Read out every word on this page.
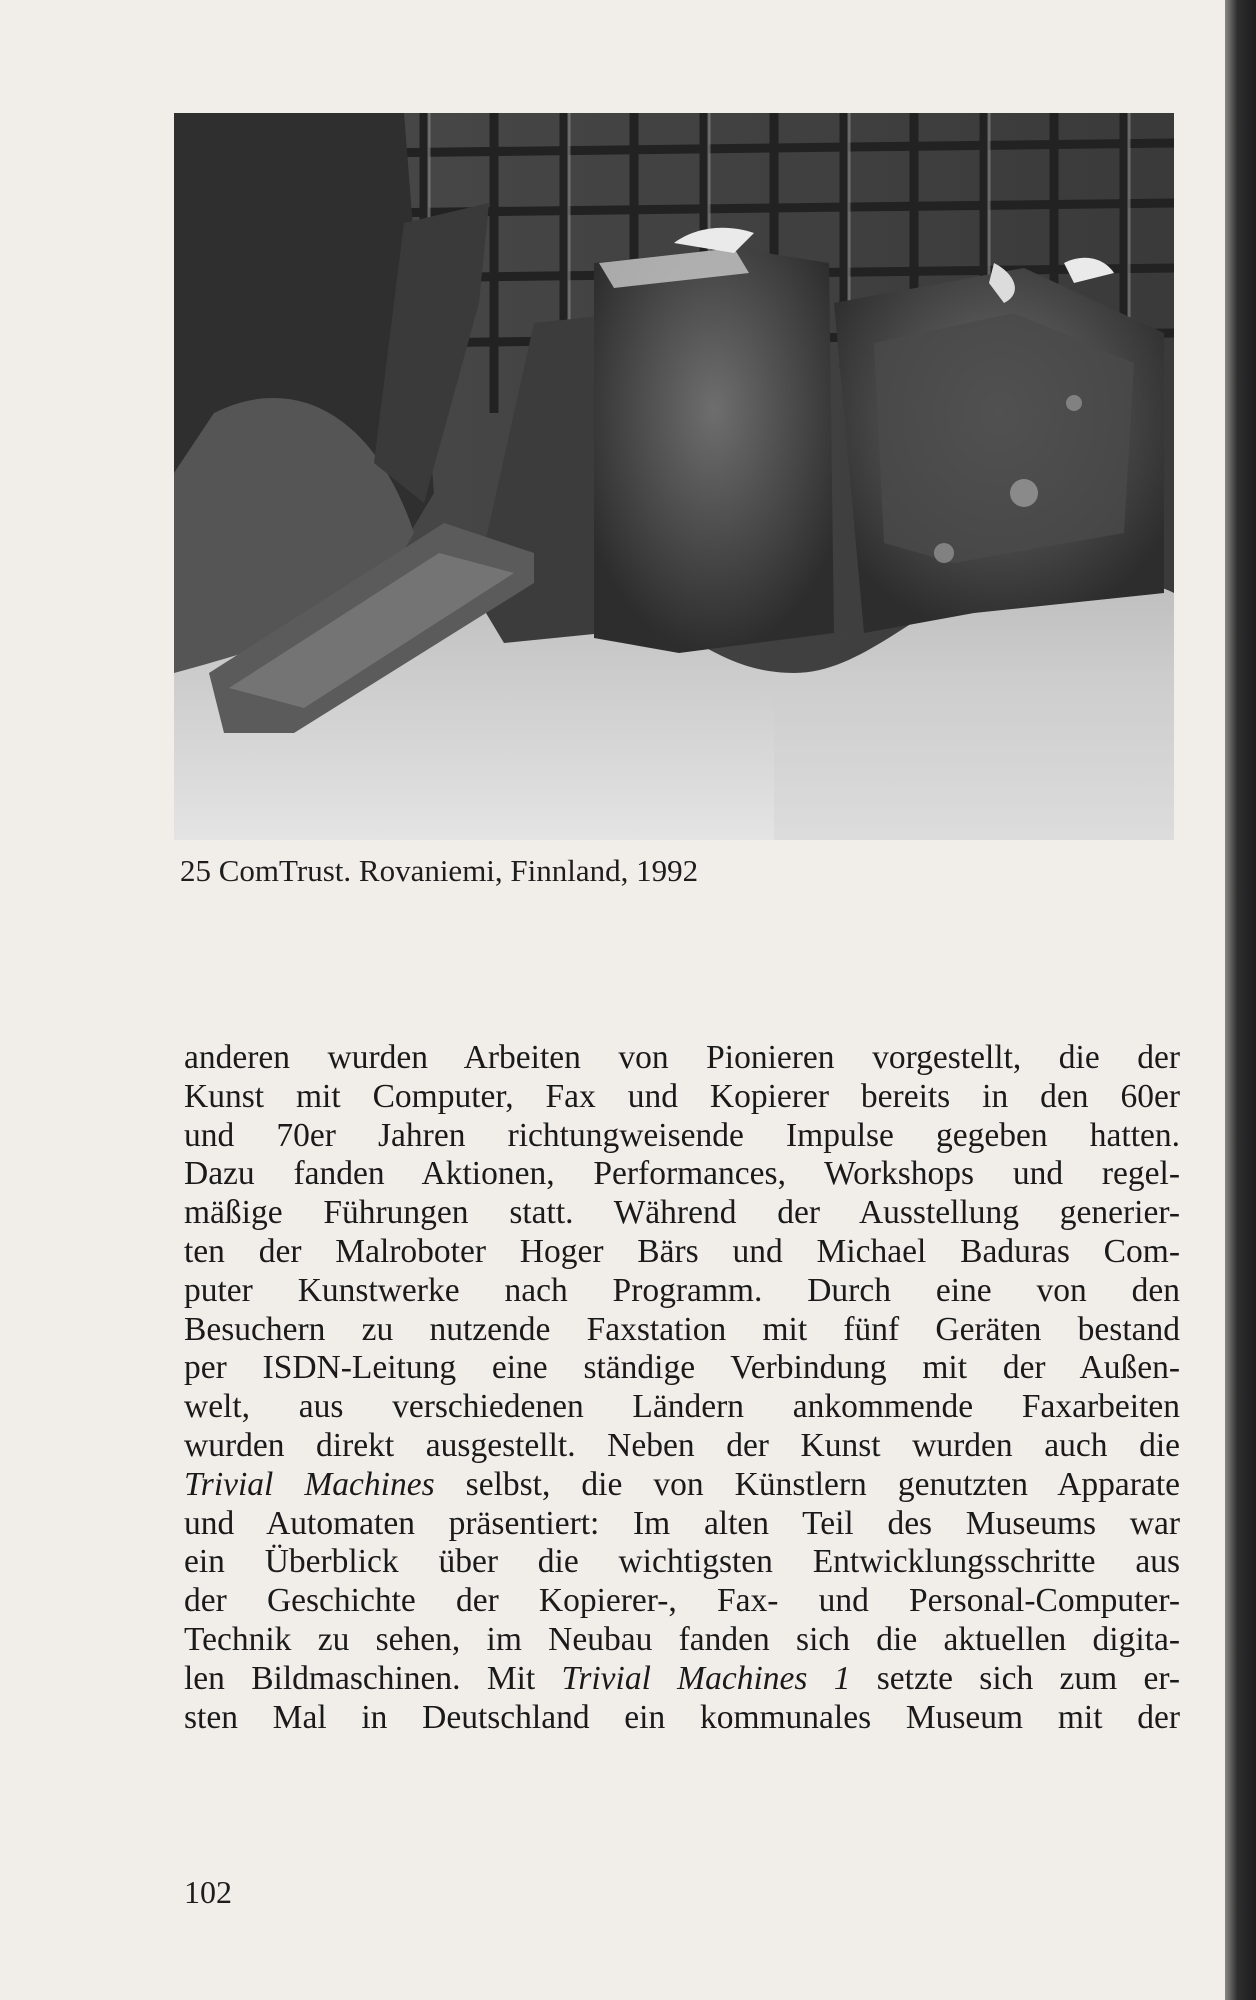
25 ComTrust. Rovaniemi, Finnland, 1992
anderen wurden Arbeiten von Pionieren vorgestellt, die der
Kunst mit Computer, Fax und Kopierer bereits in den 60er
und 70er Jahren richtungweisende Impulse gegeben hatten.
Dazu fanden Aktionen, Performances, Workshops und regel-
mäßige Führungen statt. Während der Ausstellung generier-
ten der Malroboter Hoger Bärs und Michael Baduras Com-
puter Kunstwerke nach Programm. Durch eine von den
Besuchern zu nutzende Faxstation mit fünf Geräten bestand
per ISDN-Leitung eine ständige Verbindung mit der Außen-
welt, aus verschiedenen Ländern ankommende Faxarbeiten
wurden direkt ausgestellt. Neben der Kunst wurden auch die
Trivial Machines selbst, die von Künstlern genutzten Apparate
und Automaten präsentiert: Im alten Teil des Museums war
ein Überblick über die wichtigsten Entwicklungsschritte aus
der Geschichte der Kopierer-, Fax- und Personal-Computer-
Technik zu sehen, im Neubau fanden sich die aktuellen digita-
len Bildmaschinen. Mit Trivial Machines 1 setzte sich zum er-
sten Mal in Deutschland ein kommunales Museum mit der
102
